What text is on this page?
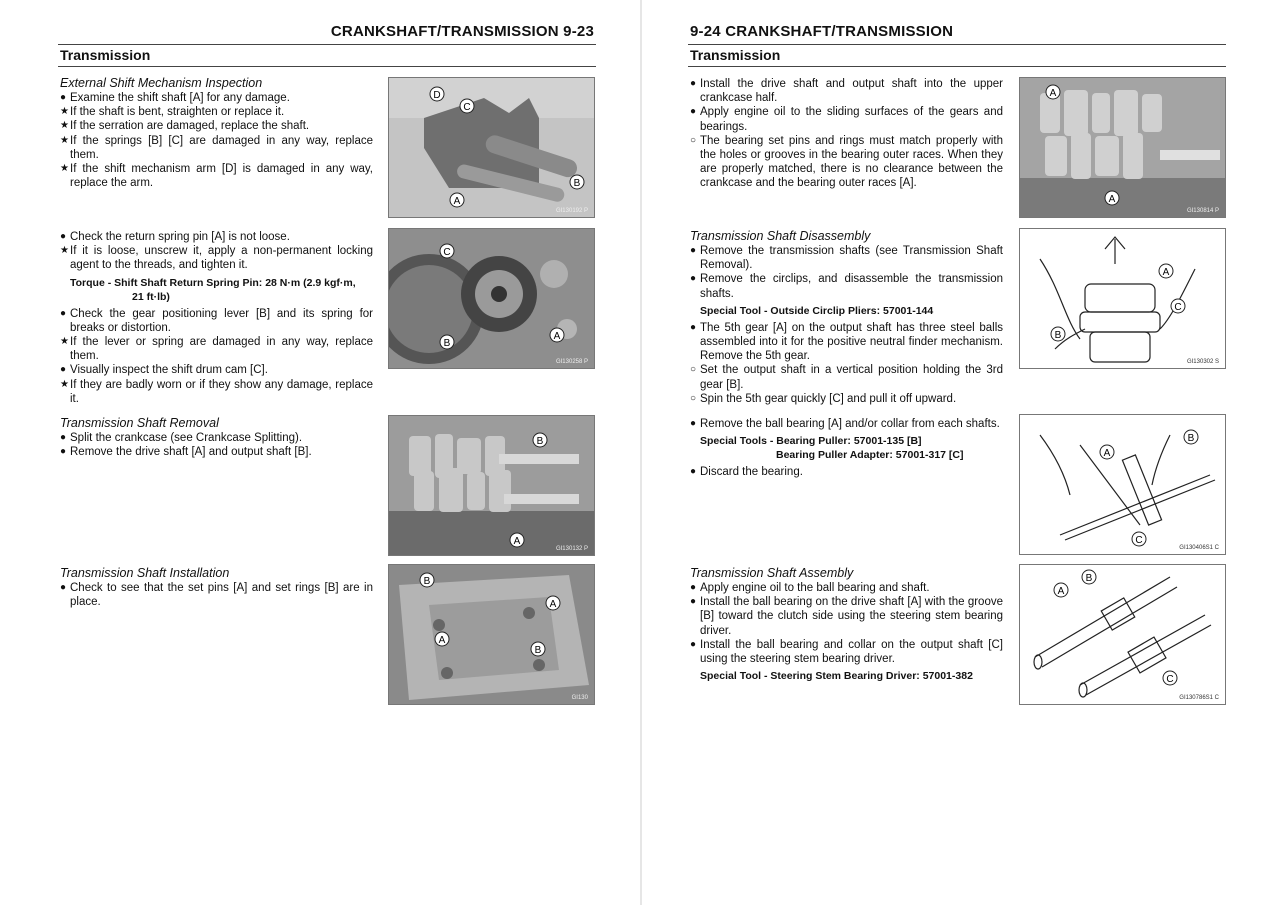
CRANKSHAFT/TRANSMISSION 9-23
Transmission
External Shift Mechanism Inspection
● Examine the shift shaft [A] for any damage.
★ If the shaft is bent, straighten or replace it.
★ If the serration are damaged, replace the shaft.
★ If the springs [B] [C] are damaged in any way, replace them.
★ If the shift mechanism arm [D] is damaged in any way, replace the arm.
● Check the return spring pin [A] is not loose.
★ If it is loose, unscrew it, apply a non-permanent locking agent to the threads, and tighten it.
Torque - Shift Shaft Return Spring Pin: 28 N·m (2.9 kgf·m,
21 ft·lb)
● Check the gear positioning lever [B] and its spring for breaks or distortion.
★ If the lever or spring are damaged in any way, replace them.
● Visually inspect the shift drum cam [C].
★ If they are badly worn or if they show any damage, replace it.
Transmission Shaft Removal
● Split the crankcase (see Crankcase Splitting).
● Remove the drive shaft [A] and output shaft [B].
Transmission Shaft Installation
● Check to see that the set pins [A] and set rings [B] are in place.
D
C
B
A
GI130192 P
C
A
B
GI130258 P
B
A
GI130132 P
B
A
A
B
GI130
9-24 CRANKSHAFT/TRANSMISSION
Transmission
● Install the drive shaft and output shaft into the upper crankcase half.
● Apply engine oil to the sliding surfaces of the gears and bearings.
○ The bearing set pins and rings must match properly with the holes or grooves in the bearing outer races. When they are properly matched, there is no clearance between the crankcase and the bearing outer races [A].
Transmission Shaft Disassembly
● Remove the transmission shafts (see Transmission Shaft Removal).
● Remove the circlips, and disassemble the transmission shafts.
Special Tool - Outside Circlip Pliers: 57001-144
● The 5th gear [A] on the output shaft has three steel balls assembled into it for the positive neutral finder mechanism. Remove the 5th gear.
○ Set the output shaft in a vertical position holding the 3rd gear [B].
○ Spin the 5th gear quickly [C] and pull it off upward.
● Remove the ball bearing [A] and/or collar from each shafts.
Special Tools - Bearing Puller: 57001-135 [B]
Bearing Puller Adapter: 57001-317 [C]
● Discard the bearing.
Transmission Shaft Assembly
● Apply engine oil to the ball bearing and shaft.
● Install the ball bearing on the drive shaft [A] with the groove [B] toward the clutch side using the steering stem bearing driver.
● Install the ball bearing and collar on the output shaft [C] using the steering stem bearing driver.
Special Tool - Steering Stem Bearing Driver: 57001-382
A
A
GI130814 P
A
C
B
GI130302 S
A
B
C
GI130406S1 C
A
B
C
GI130786S1 C
